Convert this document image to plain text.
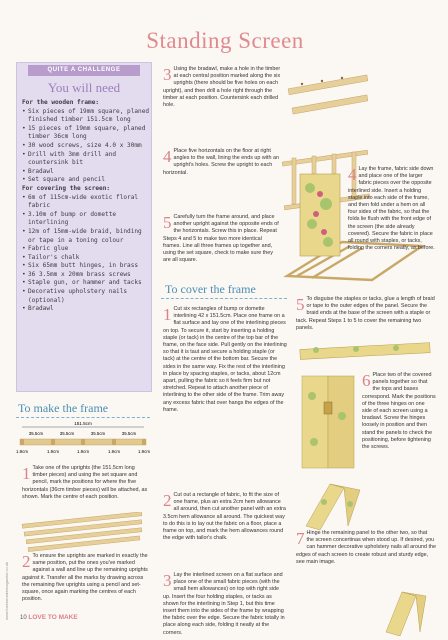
Standing Screen
QUITE A CHALLENGE
You will need
For the wooden frame:
• Six pieces of 19mm square, planed finished timber 151.5cm long
• 15 pieces of 19mm square, planed timber 36cm long
• 30 wood screws, size 4.0 x 30mm
• Drill with 3mm drill and countersink bit
• Bradawl
• Set square and pencil
For covering the screen:
• 6m of 115cm-wide exotic floral fabric
• 3.10m of bump or domette interlining
• 12m of 15mm-wide braid, binding or tape in a toning colour
• Fabric glue
• Tailor's chalk
• Six 65mm butt hinges, in brass
• 36 3.5mm x 20mm brass screws
• Staple gun, or hammer and tacks
• Decorative upholstery nails (optional)
• Bradawl
To make the frame
151.5cm
35.5cm	35.5cm	35.5cm	35.5cm
1.9cm	1.9cm	1.9cm	1.9cm	1.9cm
1 Take one of the uprights (the 151.5cm long timber pieces) and using the set square and pencil, mark the positions for where the five horizontals (36cm timber pieces) will be attached, as shown. Mark the centre of each position.
2 To ensure the uprights are marked in exactly the same position, put the ones you've marked against a wall and line up the remaining uprights against it. Transfer all the marks by drawing across the remaining five uprights using a pencil and set-square, once again marking the centres of each position.
3 Using the bradawl, make a hole in the timber at each central position marked along the six uprights (there should be five holes on each upright), and then drill a hole right through the timber at each position. Countersink each drilled hole.
4 Place five horizontals on the floor at right angles to the wall, lining the ends up with an upright's holes. Screw the upright to each horizontal.
5 Carefully turn the frame around, and place another upright against the opposite ends of the horizontals. Screw this in place. Repeat Steps 4 and 5 to make two more identical frames. Line all three frames up together and, using the set square, check to make sure they are all square.
To cover the frame
1 Cut six rectangles of bump or domette interlining 42 x 151.5cm. Place one frame on a flat surface and lay one of the interlining pieces on top. To secure it, start by inserting a holding staple (or tack) in the centre of the top bar of the frame, on the face side. Pull gently on the interlining so that it is taut and secure a holding staple (or tack) at the centre of the bottom bar. Secure the sides in the same way. Fix the rest of the interlining in place by spacing staples, or tacks, about 12cm apart, pulling the fabric so it feels firm but not stretched. Repeat to attach another piece of interlining to the other side of the frame. Trim away any excess fabric that over hangs the edges of the frame.
2 Cut out a rectangle of fabric, to fit the size of one frame, plus an extra 2cm hem allowance all around, then cut another panel with an extra 3.5cm hem allowance all around. The quickest way to do this is to lay out the fabric on a floor, place a frame on top, and mark the hem allowances round the edge with tailor's chalk.
3 Lay the interlined screen on a flat surface and place one of the small fabric pieces (with the small hem allowances) on top with right side up. Insert the four holding staples, or tacks as shown for the interlining in Step 1, but this time insert them into the sides of the frame by wrapping the fabric over the edge. Secure the fabric totally in place along each side, folding it neatly at the corners.
4 Lay the frame, fabric side down and place one of the larger fabric pieces over the opposite interlined side. Insert a holding staple into each side of the frame, and then fold under a hem on all four sides of the fabric, so that the folds lie flush with the front edge of the screen (the side already covered). Secure the fabric in place all round with staples, or tacks, folding the corners neatly, as before.
5 To disguise the staples or tacks, glue a length of braid or tape to the outer edges of the panel. Secure the braid ends at the base of the screen with a staple or tack. Repeat Steps 1 to 5 to cover the remaining two panels.
6 Place two of the covered panels together so that the tops and bases correspond. Mark the positions of the three hinges on one side of each screen using a bradawl. Screw the hinges loosely in position and then stand the panels to check the positioning, before tightening the screws.
7 Hinge the remaining panel to the other two, so that the screen concertinas when stood up. If desired, you can hammer decorative upholstery nails all around the edges of each screen to create robust and sturdy edge, see main image.
www.lovetomakemagazine.co.uk 10 LOVE TO MAKE
